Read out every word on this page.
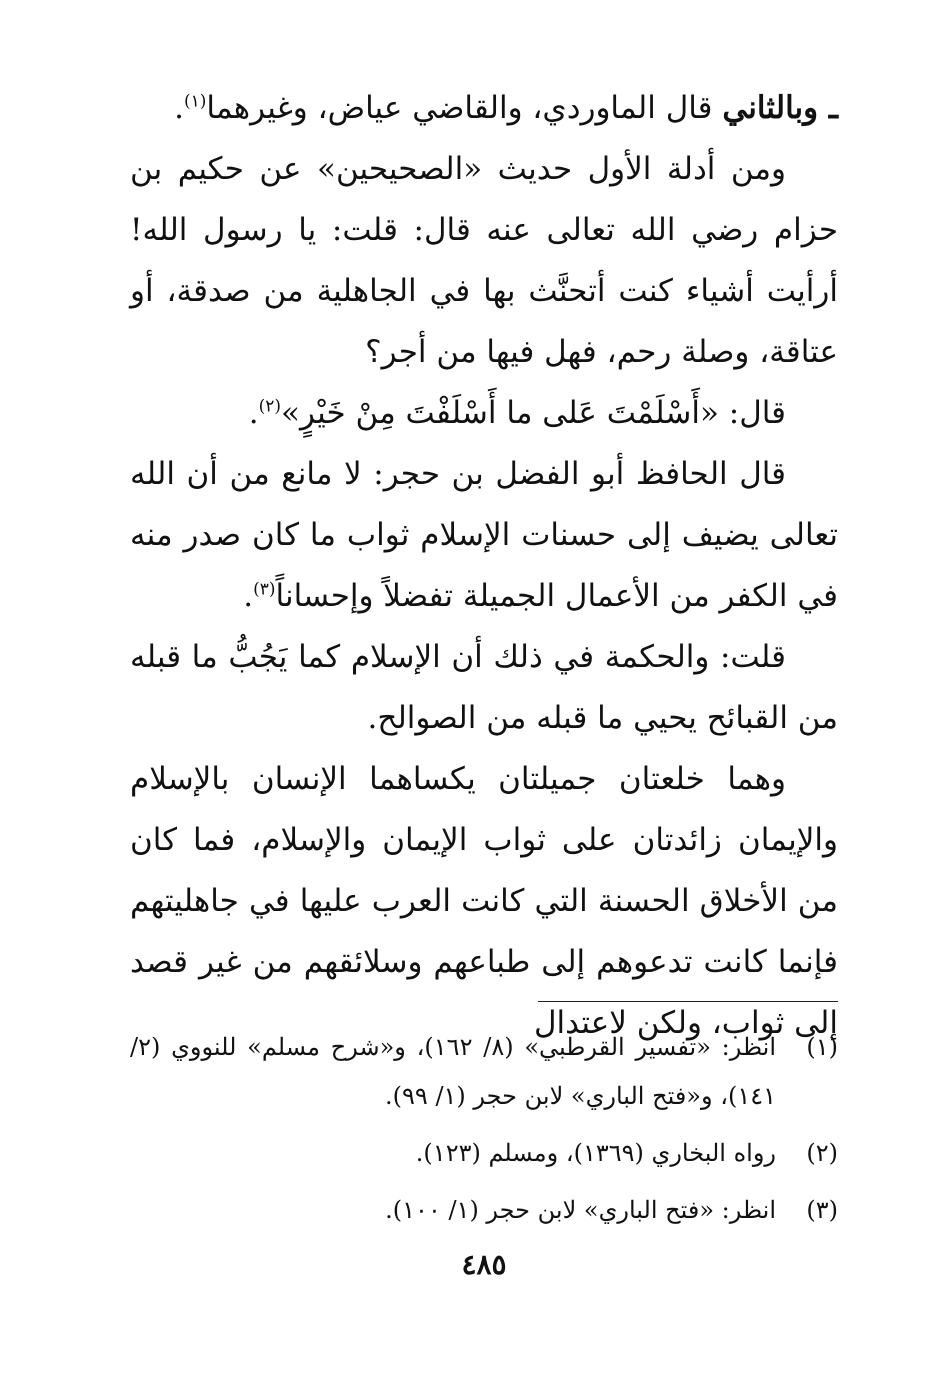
ـ وبالثاني قال الماوردي، والقاضي عياض، وغيرهما$^{(١)}$.

ومن أدلة الأول حديث «الصحيحين» عن حكيم بن حزام رضي الله تعالى عنه قال: قلت: يا رسول الله! أرأيت أشياء كنت أتحنَّث بها في الجاهلية من صدقة، أو عتاقة، وصلة رحم، فهل فيها من أجر؟

قال: «أَسْلَمْتَ عَلى ما أَسْلَفْتَ مِنْ خَيْرٍ»$^{(٢)}$.

قال الحافظ أبو الفضل بن حجر: لا مانع من أن الله تعالى يضيف إلى حسنات الإسلام ثواب ما كان صدر منه في الكفر من الأعمال الجميلة تفضلاً وإحساناً$^{(٣)}$.

قلت: والحكمة في ذلك أن الإسلام كما يَجُبُّ ما قبله من القبائح يحيي ما قبله من الصوالح.

وهما خلعتان جميلتان يكساهما الإنسان بالإسلام والإيمان زائدتان على ثواب الإيمان والإسلام، فما كان من الأخلاق الحسنة التي كانت العرب عليها في جاهليتهم فإنما كانت تدعوهم إلى طباعهم وسلائقهم من غير قصد إلى ثواب، ولكن لاعتدال

(١)
انظر: «تفسير القرطبي» (٨/ ١٦٢)، و«شرح مسلم» للنووي (٢/ ١٤١)، و«فتح الباري» لابن حجر (١/ ٩٩).
(٢)
رواه البخاري (١٣٦٩)، ومسلم (١٢٣).
(٣)
انظر: «فتح الباري» لابن حجر (١/ ١٠٠).
٤٨٥
